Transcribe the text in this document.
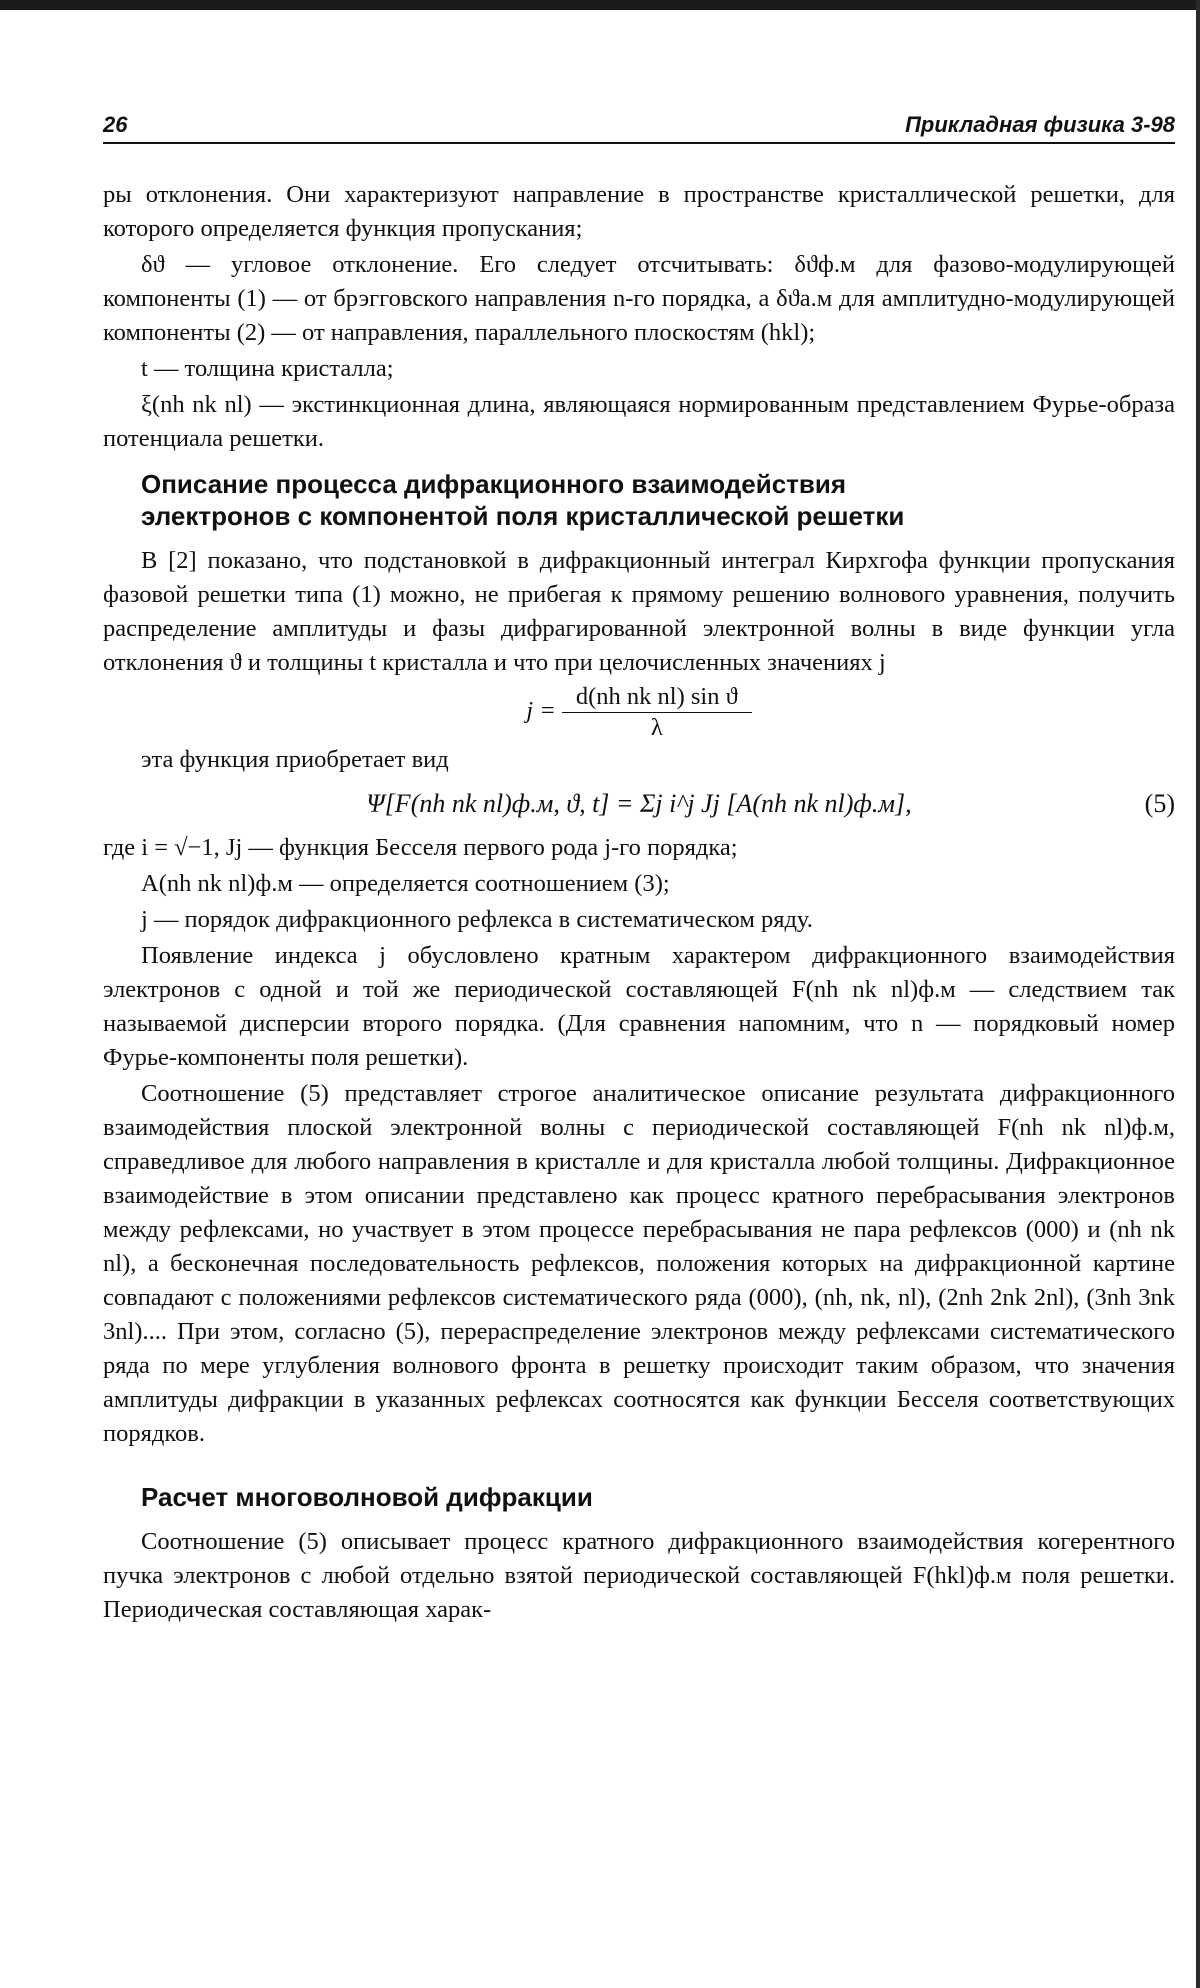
26	Прикладная физика 3-98

ры отклонения. Они характеризуют направление в пространстве кристаллической решетки, для которого определяется функция пропускания;

δϑ — угловое отклонение. Его следует отсчитывать: δϑф.м для фазово-модулирующей компоненты (1) — от брэгговского направления n-го порядка, а δϑа.м для амплитудно-модулирующей компоненты (2) — от направления, параллельного плоскостям (hkl);

t — толщина кристалла;

ξ(nh nk nl) — экстинкционная длина, являющаяся нормированным представлением Фурье-образа потенциала решетки.

Описание процесса дифракционного взаимодействия
электронов с компонентой поля кристаллической решетки

В [2] показано, что подстановкой в дифракционный интеграл Кирхгофа функции пропускания фазовой решетки типа (1) можно, не прибегая к прямому решению волнового уравнения, получить распределение амплитуды и фазы дифрагированной электронной волны в виде функции угла отклонения ϑ и толщины t кристалла и что при целочисленных значениях j

$j = \frac{\text{d(nh nk nl) sin ϑ}}{\lambda}$

эта функция приобретает вид

Ψ[F(nh nk nl)ф.м, ϑ, t] = Σj i^j Jj [A(nh nk nl)ф.м],	(5)

где i = √−1, Jj — функция Бесселя первого рода j-го порядка;

A(nh nk nl)ф.м — определяется соотношением (3);

j — порядок дифракционного рефлекса в систематическом ряду.

Появление индекса j обусловлено кратным характером дифракционного взаимодействия электронов с одной и той же периодической составляющей F(nh nk nl)ф.м — следствием так называемой дисперсии второго порядка. (Для сравнения напомним, что n — порядковый номер Фурье-компоненты поля решетки).

Соотношение (5) представляет строгое аналитическое описание результата дифракционного взаимодействия плоской электронной волны с периодической составляющей F(nh nk nl)ф.м, справедливое для любого направления в кристалле и для кристалла любой толщины. Дифракционное взаимодействие в этом описании представлено как процесс кратного перебрасывания электронов между рефлексами, но участвует в этом процессе перебрасывания не пара рефлексов (000) и (nh nk nl), а бесконечная последовательность рефлексов, положения которых на дифракционной картине совпадают с положениями рефлексов систематического ряда (000), (nh, nk, nl), (2nh 2nk 2nl), (3nh 3nk 3nl).... При этом, согласно (5), перераспределение электронов между рефлексами систематического ряда по мере углубления волнового фронта в решетку происходит таким образом, что значения амплитуды дифракции в указанных рефлексах соотносятся как функции Бесселя соответствующих порядков.

Расчет многоволновой дифракции

Соотношение (5) описывает процесс кратного дифракционного взаимодействия когерентного пучка электронов с любой отдельно взятой периодической составляющей F(hkl)ф.м поля решетки. Периодическая составляющая харак-
